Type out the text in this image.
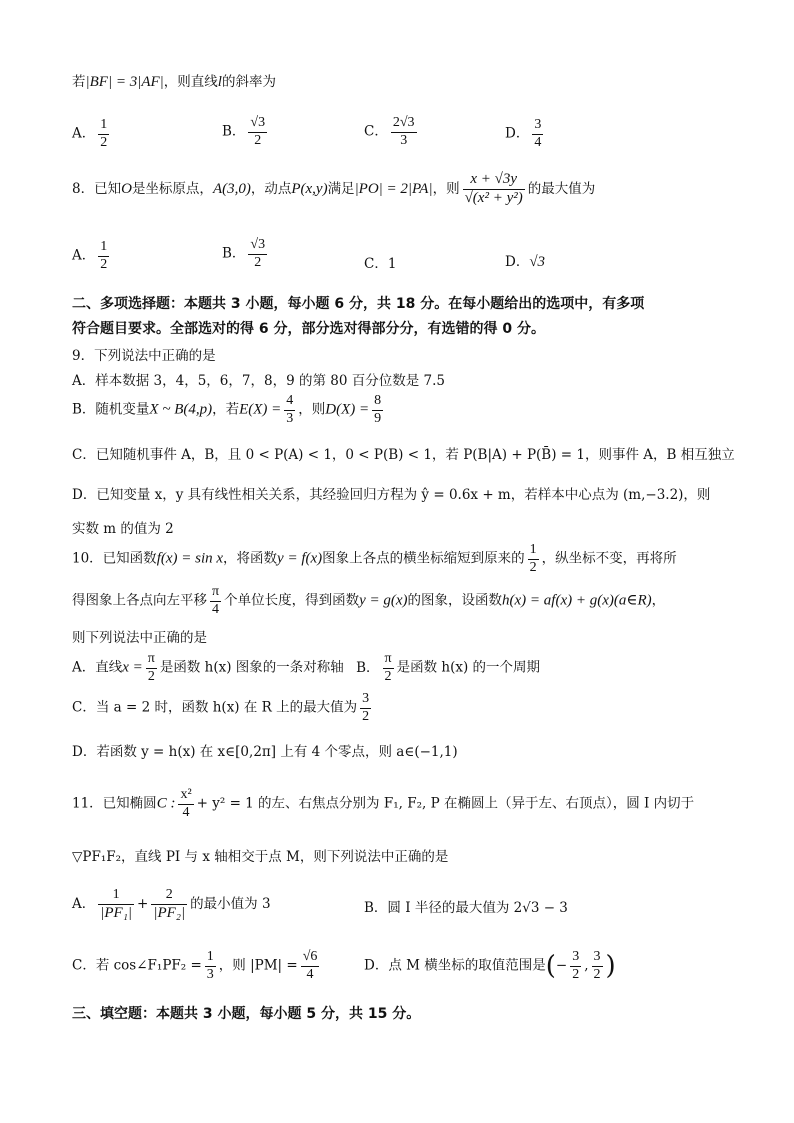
若|BF| = 3|AF|，则直线l的斜率为
A． $\frac{1}{2}$	B． $\frac{√3}{2}$	C． $\frac{2√3}{3}$	D． $\frac{3}{4}$
8．已知O是坐标原点，A(3,0)，动点P(x,y)满足|PO| = 2|PA|，则 $\frac{x + √3y}{\text{√(x² + y²)}}$ 的最大值为
A． $\frac{1}{2}$	B． $\frac{√3}{2}$	C．1	D．√3
二、多项选择题：本题共 3 小题，每小题 6 分，共 18 分。在每小题给出的选项中，有多项
符合题目要求。全部选对的得 6 分，部分选对得部分分，有选错的得 0 分。
9．下列说法中正确的是
A．样本数据 3，4，5，6，7，8，9 的第 80 百分位数是 7.5
B．随机变量X ~ B(4,p)，若$E(X) = \frac{4}{3}$ ，则$D(X) = \frac{8}{9}$
C．已知随机事件 A，B，且 0 < P(A) < 1，0 < P(B) < 1，若 P(B|A) + P(B̄) = 1，则事件 A，B 相互独立
D．已知变量 x，y 具有线性相关关系，其经验回归方程为 ŷ = 0.6x + m，若样本中心点为 (m,−3.2)，则
实数 m 的值为 2
10．已知函数f(x) = sin x，将函数y = f(x)图象上各点的横坐标缩短到原来的 $\frac{1}{2}$ ，纵坐标不变，再将所
得图象上各点向左平移 $\frac{\pi}{4}$ 个单位长度，得到函数y = g(x)的图象，设函数h(x) = af(x) + g(x)(a∈R)，
则下列说法中正确的是
A．直线$x = \frac{\pi}{2}$ 是函数 h(x) 图象的一条对称轴 B． $\frac{\pi}{2}$ 是函数 h(x) 的一个周期
C．当 a = 2 时，函数 h(x) 在 R 上的最大值为 $\frac{3}{2}$
D．若函数 y = h(x) 在 x∈[0,2π] 上有 4 个零点，则 a∈(−1,1)
11．已知椭圆C : $\frac{\text{x²}}{4} + y^2 = 1$ 的左、右焦点分别为 F₁, F₂, P 在椭圆上（异于左、右顶点），圆 I 内切于
▽PF₁F₂，直线 PI 与 x 轴相交于点 M，则下列说法中正确的是
A． $\frac{1}{\text{|PF₁|}} + \frac{2}{\text{|PF₂|}}$ 的最小值为 3	B．圆 I 半径的最大值为 2√3 − 3
C．若 cos∠F₁PF₂ = $\frac{1}{3}$ ，则 $|PM| = \frac{√6}{4}$	D．点 M 横坐标的取值范围是(− $\frac{3}{2}$ , $\frac{3}{2}$ )
三、填空题：本题共 3 小题，每小题 5 分，共 15 分。
